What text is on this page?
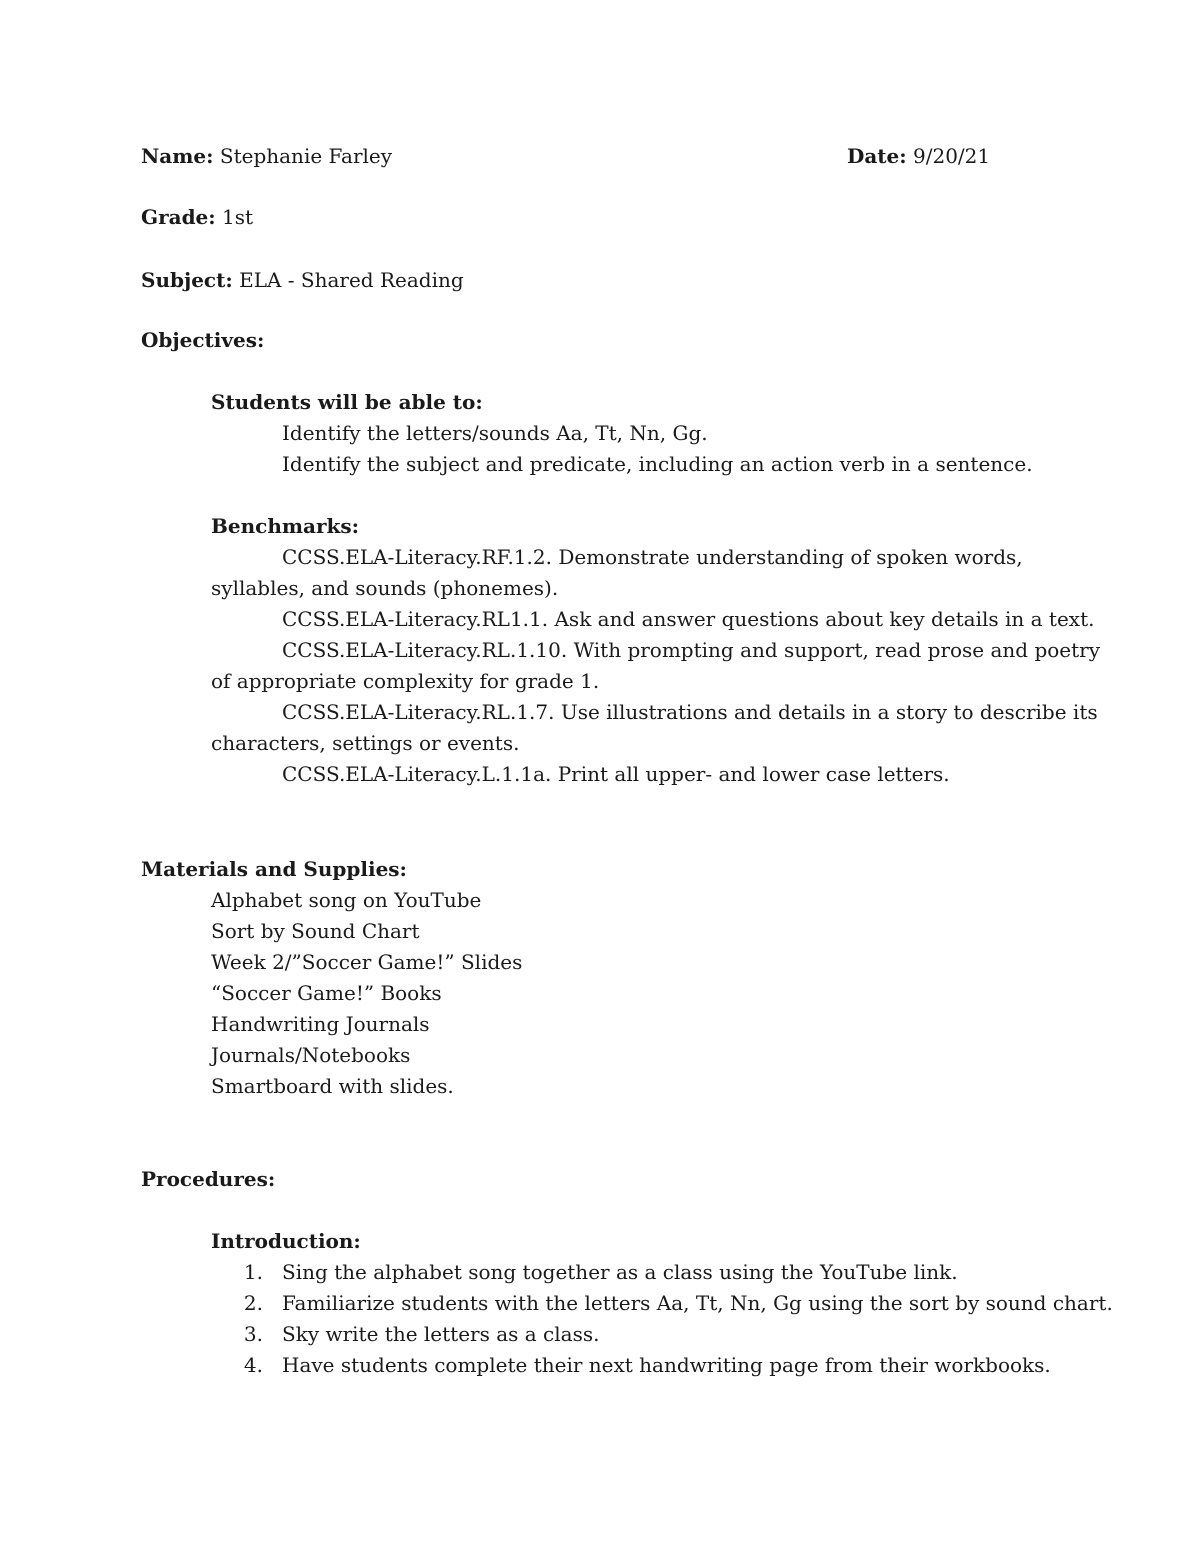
Name: Stephanie Farley	Date: 9/20/21
Grade: 1st
Subject: ELA - Shared Reading
Objectives:
Students will be able to:
Identify the letters/sounds Aa, Tt, Nn, Gg.
Identify the subject and predicate, including an action verb in a sentence.
Benchmarks:
CCSS.ELA-Literacy.RF.1.2. Demonstrate understanding of spoken words,
syllables, and sounds (phonemes).
CCSS.ELA-Literacy.RL1.1. Ask and answer questions about key details in a text.
CCSS.ELA-Literacy.RL.1.10. With prompting and support, read prose and poetry
of appropriate complexity for grade 1.
CCSS.ELA-Literacy.RL.1.7. Use illustrations and details in a story to describe its
characters, settings or events.
CCSS.ELA-Literacy.L.1.1a. Print all upper- and lower case letters.
Materials and Supplies:
Alphabet song on YouTube
Sort by Sound Chart
Week 2/”Soccer Game!” Slides
“Soccer Game!” Books
Handwriting Journals
Journals/Notebooks
Smartboard with slides.
Procedures:
Introduction:
1. Sing the alphabet song together as a class using the YouTube link.
2. Familiarize students with the letters Aa, Tt, Nn, Gg using the sort by sound chart.
3. Sky write the letters as a class.
4. Have students complete their next handwriting page from their workbooks.
